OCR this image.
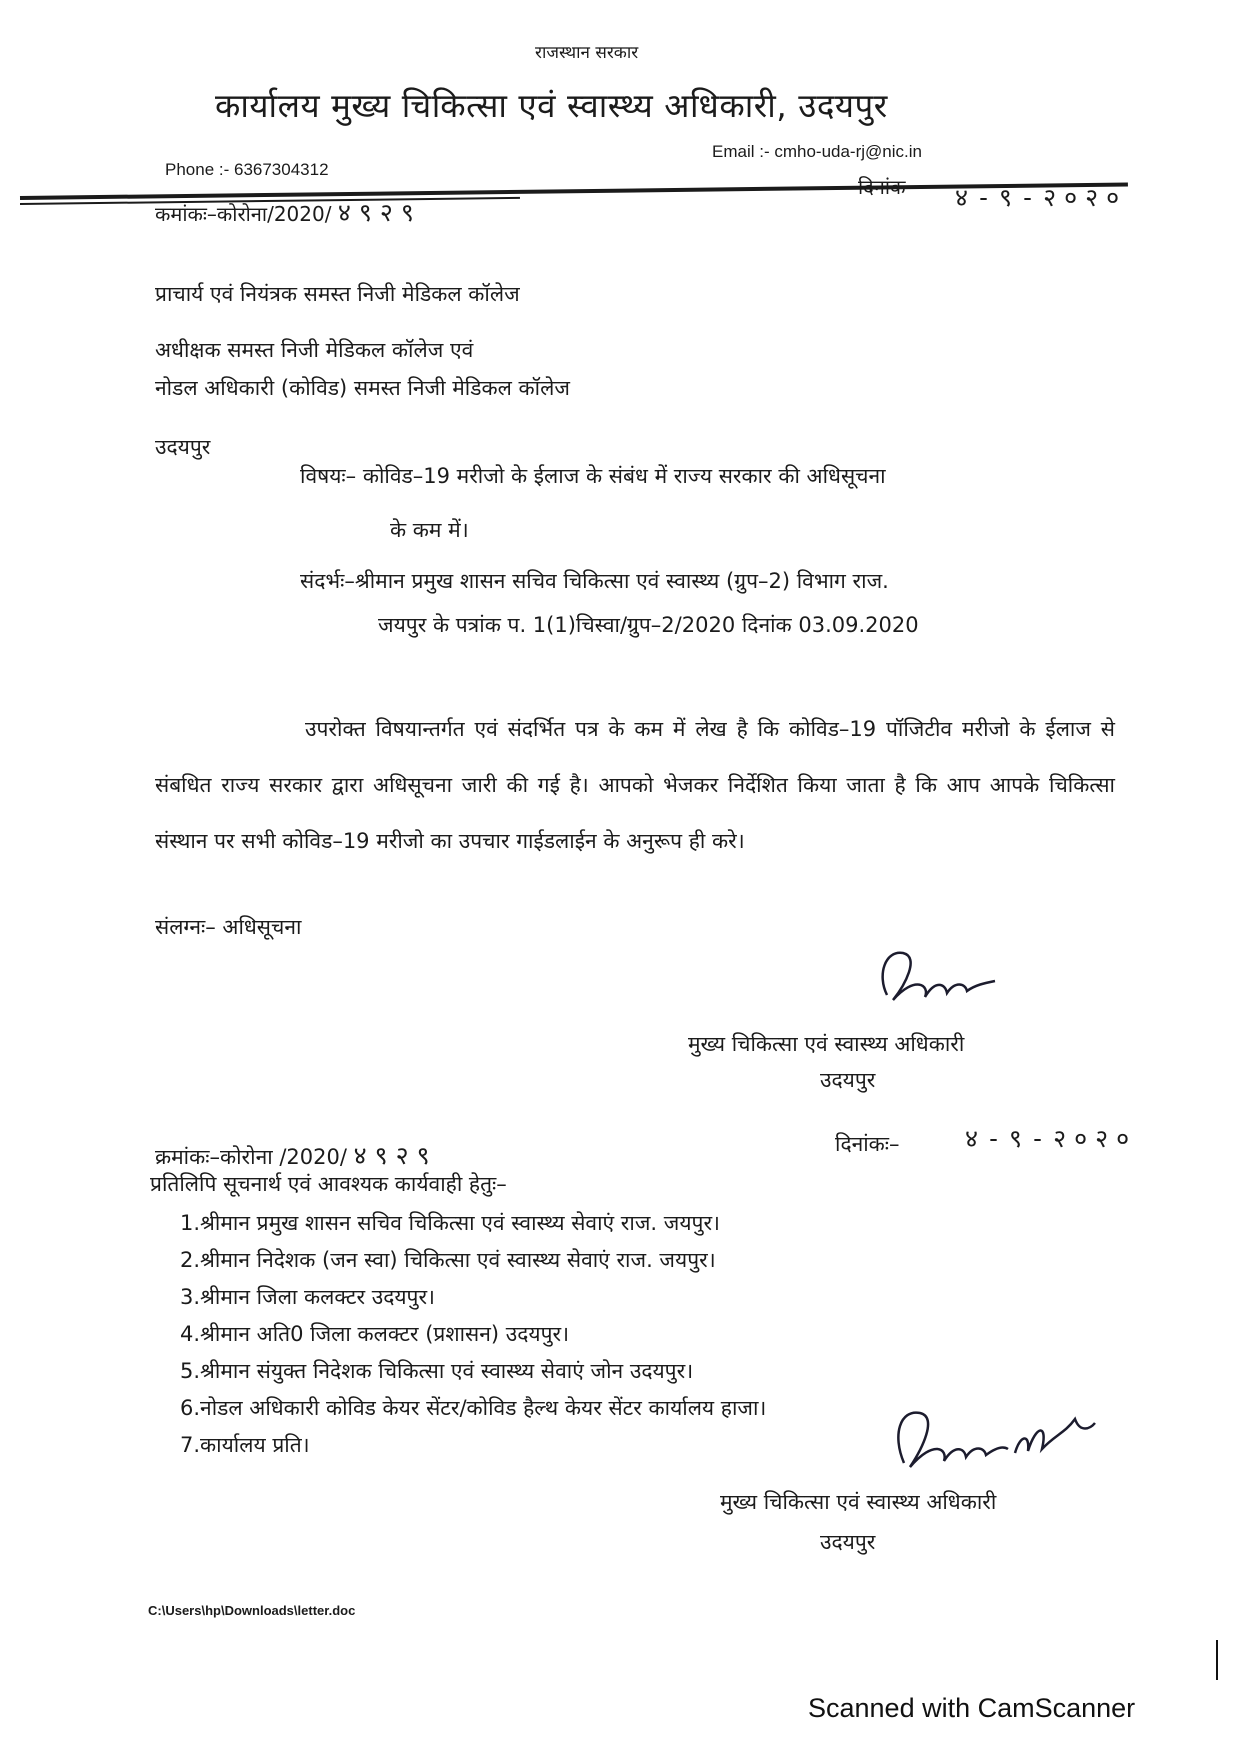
राजस्थान सरकार
कार्यालय मुख्य चिकित्सा एवं स्वास्थ्य अधिकारी, उदयपुर
Email :- cmho-uda-rj@nic.in
Phone :- 6367304312
कमांकः–कोरोना/2020/ ४९२९
दिनांक ४-९-२०२०
प्राचार्य एवं नियंत्रक समस्त निजी मेडिकल कॉलेज
अधीक्षक समस्त निजी मेडिकल कॉलेज एवं
नोडल अधिकारी (कोविड) समस्त निजी मेडिकल कॉलेज
उदयपुर
विषयः– कोविड–19 मरीजो के ईलाज के संबंध में राज्य सरकार की अधिसूचना
के कम में।
संदर्भः–श्रीमान प्रमुख शासन सचिव चिकित्सा एवं स्वास्थ्य (ग्रुप–2) विभाग राज.
जयपुर के पत्रांक प. 1(1)चिस्वा/ग्रुप–2/2020 दिनांक 03.09.2020
उपरोक्त विषयान्तर्गत एवं संदर्भित पत्र के कम में लेख है कि कोविड–19 पॉजिटीव मरीजो के ईलाज से संबधित राज्य सरकार द्वारा अधिसूचना जारी की गई है। आपको भेजकर निर्देशित किया जाता है कि आप आपके चिकित्सा संस्थान पर सभी कोविड–19 मरीजो का उपचार गाईडलाईन के अनुरूप ही करे।
संलग्नः– अधिसूचना
मुख्य चिकित्सा एवं स्वास्थ्य अधिकारी
उदयपुर
क्रमांकः–कोरोना /2020/ ४९२९	दिनांकः–	४-९-२०२०
प्रतिलिपि सूचनार्थ एवं आवश्यक कार्यवाही हेतुः–
1.श्रीमान प्रमुख शासन सचिव चिकित्सा एवं स्वास्थ्य सेवाएं राज. जयपुर।
2.श्रीमान निदेशक (जन स्वा) चिकित्सा एवं स्वास्थ्य सेवाएं राज. जयपुर।
3.श्रीमान जिला कलक्टर उदयपुर।
4.श्रीमान अति0 जिला कलक्टर (प्रशासन) उदयपुर।
5.श्रीमान संयुक्त निदेशक चिकित्सा एवं स्वास्थ्य सेवाएं जोन उदयपुर।
6.नोडल अधिकारी कोविड केयर सेंटर/कोविड हैल्थ केयर सेंटर कार्यालय हाजा।
7.कार्यालय प्रति।
मुख्य चिकित्सा एवं स्वास्थ्य अधिकारी
उदयपुर
C:\Users\hp\Downloads\letter.doc
Scanned with CamScanner
